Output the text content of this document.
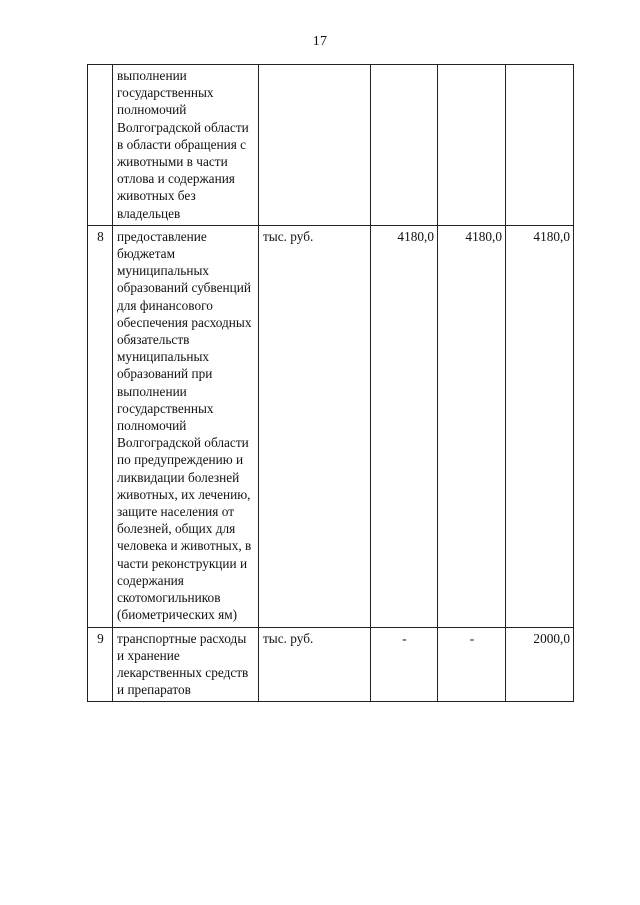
17
	выполнении государственных полномочий Волгоградской области в области обращения с животными в части отлова и содержания животных без владельцев				
8	предоставление бюджетам муниципальных образований субвенций для финансового обеспечения расходных обязательств муниципальных образований при выполнении государственных полномочий Волгоградской области по предупреждению и ликвидации болезней животных, их лечению, защите населения от болезней, общих для человека и животных, в части реконструкции и содержания скотомогильников (биометрических ям)	тыс. руб.	4180,0	4180,0	4180,0
9	транспортные расходы и хранение лекарственных средств и препаратов	тыс. руб.	-	-	2000,0
